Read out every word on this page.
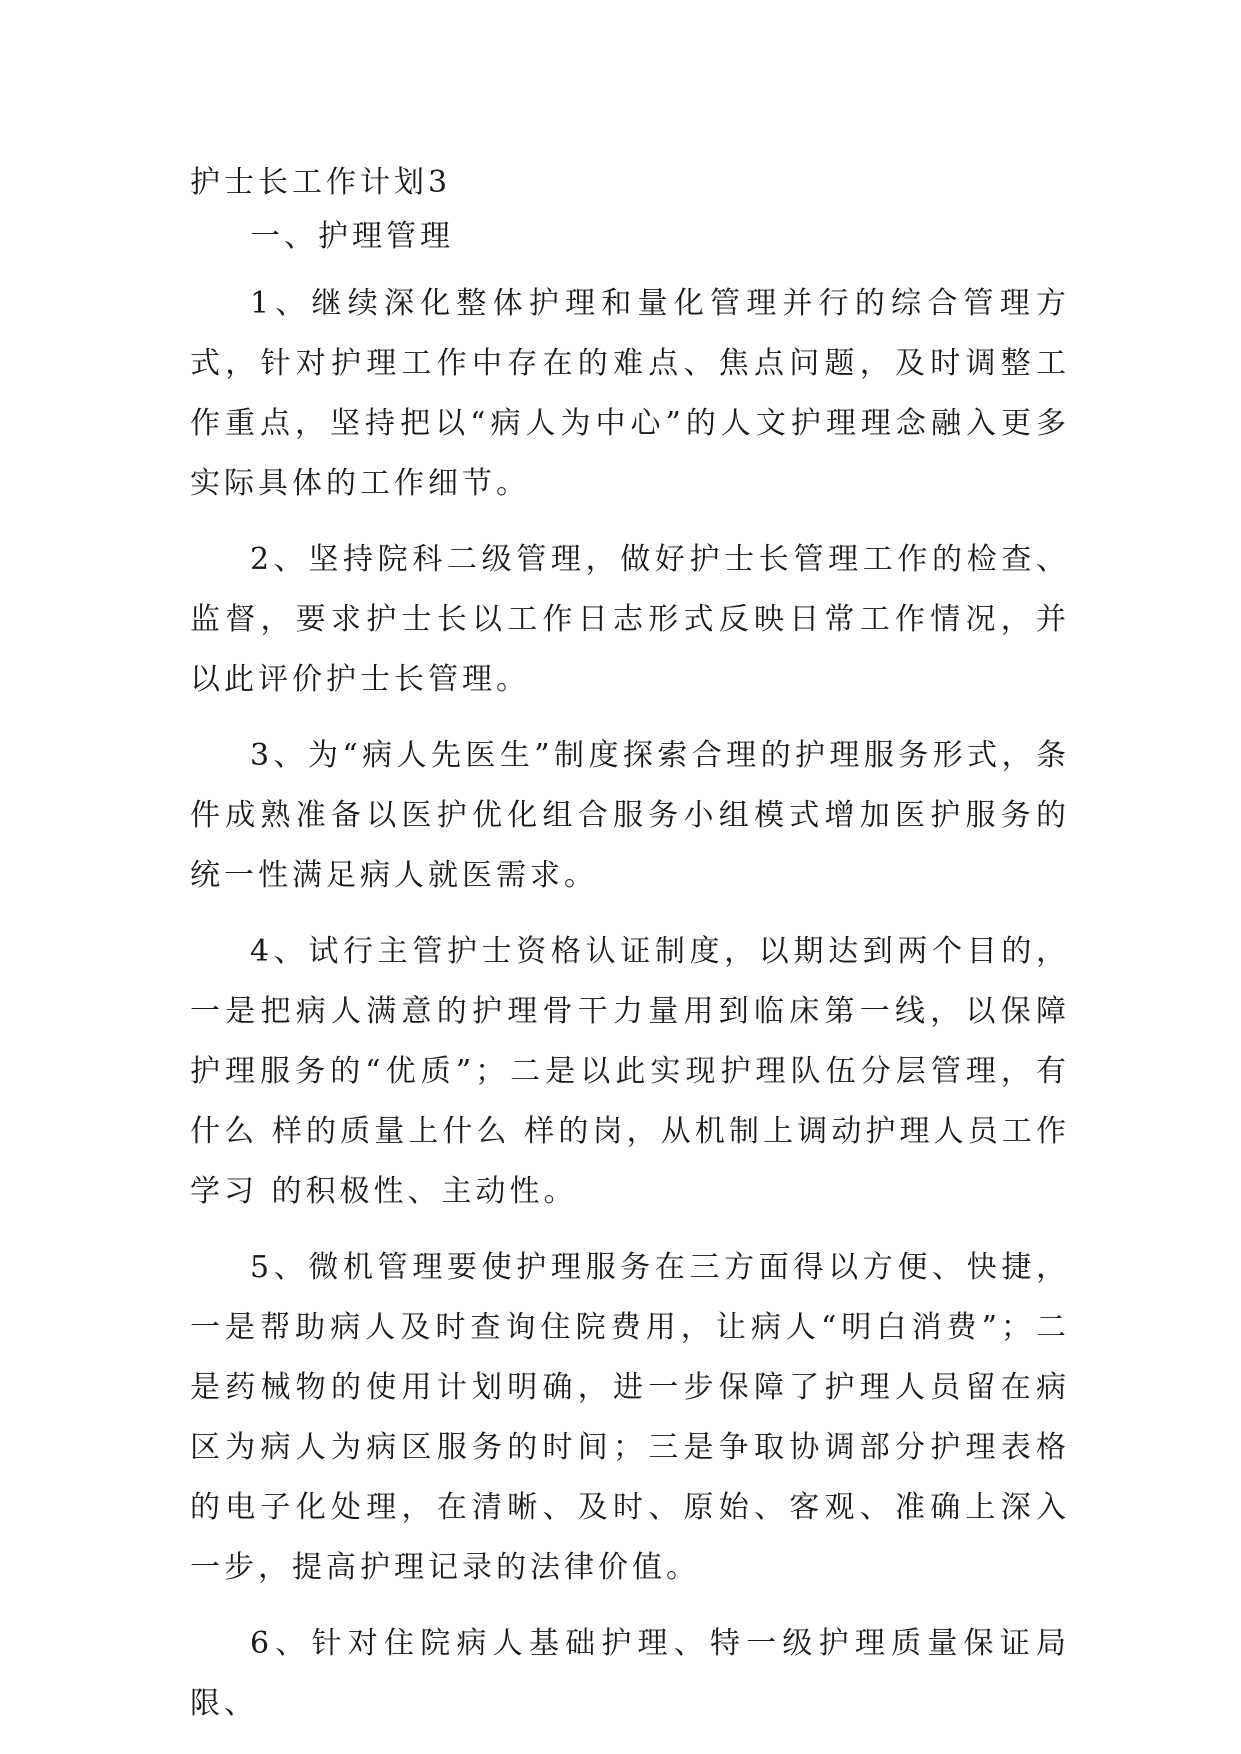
护士长工作计划3

一、护理管理

1、继续深化整体护理和量化管理并行的综合管理方式，针对护理工作中存在的难点、焦点问题，及时调整工作重点，坚持把以“病人为中心”的人文护理理念融入更多实际具体的工作细节。

2、坚持院科二级管理，做好护士长管理工作的检查、监督，要求护士长以工作日志形式反映日常工作情况，并以此评价护士长管理。

3、为“病人先医生”制度探索合理的护理服务形式，条件成熟准备以医护优化组合服务小组模式增加医护服务的统一性满足病人就医需求。

4、试行主管护士资格认证制度，以期达到两个目的，一是把病人满意的护理骨干力量用到临床第一线，以保障护理服务的“优质”；二是以此实现护理队伍分层管理，有什么 样的质量上什么 样的岗，从机制上调动护理人员工作学习 的积极性、主动性。

5、微机管理要使护理服务在三方面得以方便、快捷，一是帮助病人及时查询住院费用，让病人“明白消费”；二是药械物的使用计划明确，进一步保障了护理人员留在病区为病人为病区服务的时间；三是争取协调部分护理表格的电子化处理，在清晰、及时、原始、客观、准确上深入一步，提高护理记录的法律价值。

6、针对住院病人基础护理、特一级护理质量保证局限、
